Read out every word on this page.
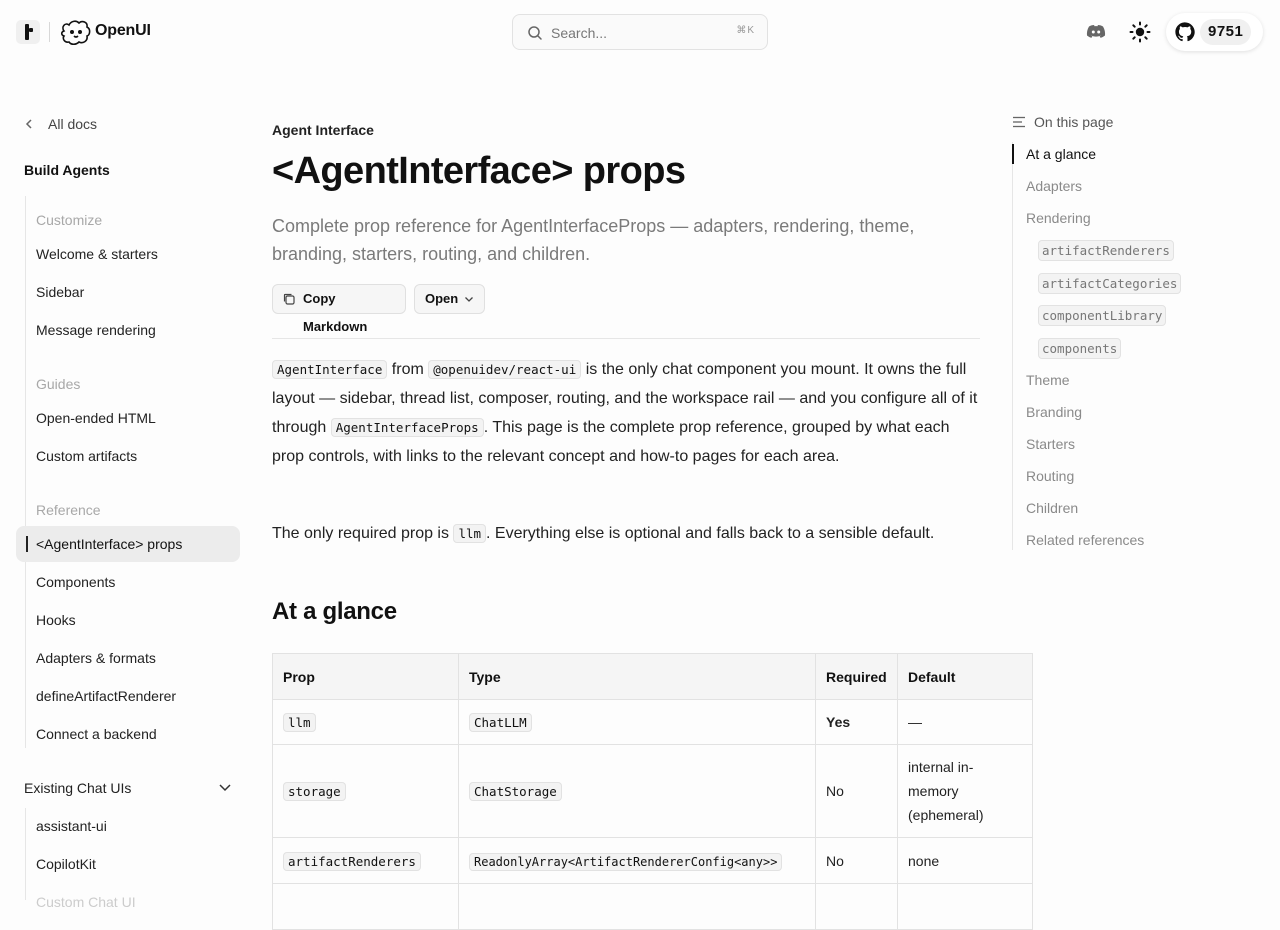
OpenUI
Search...	⌘K	9751
All docs
Build Agents
Customize
Welcome & starters
Sidebar
Message rendering
Guides
Open-ended HTML
Custom artifacts
Reference
<AgentInterface> props
Components
Hooks
Adapters & formats
defineArtifactRenderer
Connect a backend
Existing Chat UIs
assistant-ui
CopilotKit
Custom Chat UI
Agent Interface
<AgentInterface> props
Complete prop reference for AgentInterfaceProps — adapters, rendering, theme, branding, starters, routing, and children.
Copy Markdown
Open

AgentInterface from @openuidev/react-ui is the only chat component you mount. It owns the full layout — sidebar, thread list, composer, routing, and the workspace rail — and you configure all of it through AgentInterfaceProps . This page is the complete prop reference, grouped by what each prop controls, with links to the relevant concept and how-to pages for each area.

The only required prop is llm . Everything else is optional and falls back to a sensible default.

At a glance
Prop	Type	Required	Default
llm	ChatLLM	Yes	—
storage	ChatStorage	No	internal in-memory (ephemeral)
artifactRenderers	ReadonlyArray<ArtifactRendererConfig<any>>	No	none

On this page
At a glance
Adapters
Rendering
artifactRenderers
artifactCategories
componentLibrary
components
Theme
Branding
Starters
Routing
Children
Related references
